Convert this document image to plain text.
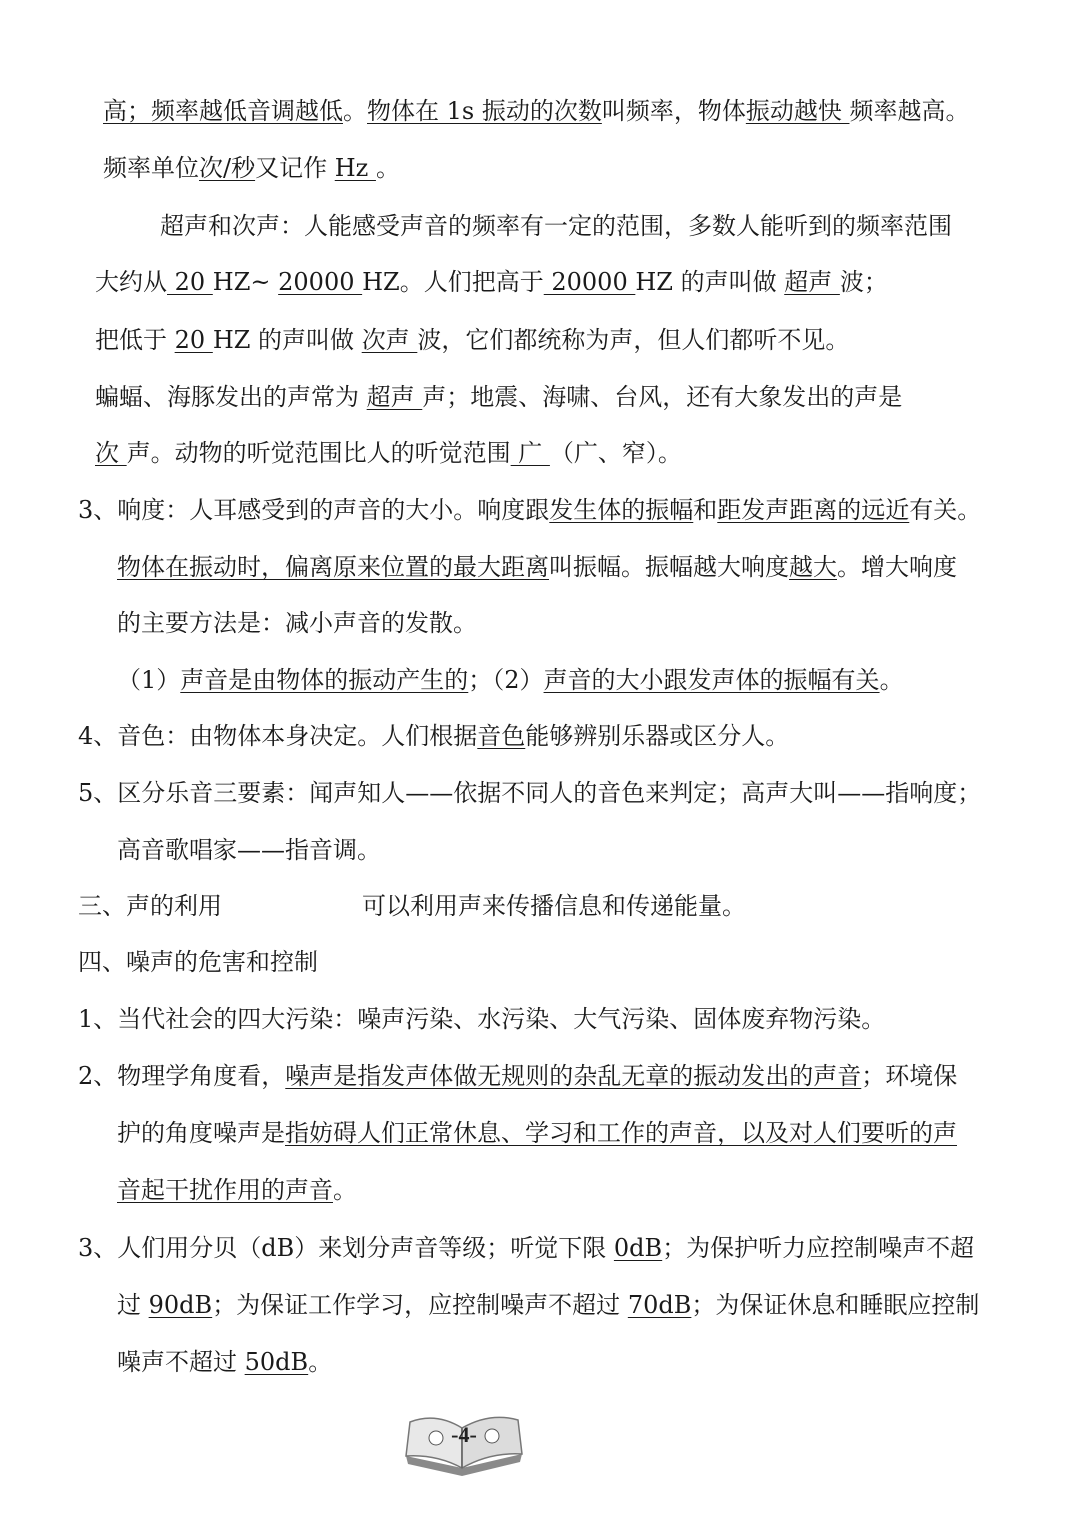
高；频率越低音调越低。物体在 1s 振动的次数叫频率，物体振动越快 频率越高。
频率单位次/秒又记作 Hz 。
超声和次声：人能感受声音的频率有一定的范围，多数人能听到的频率范围
大约从 20 HZ~ 20000 HZ。人们把高于 20000 HZ 的声叫做 超声 波；
把低于 20 HZ 的声叫做 次声 波，它们都统称为声，但人们都听不见。
蝙蝠、海豚发出的声常为 超声 声；地震、海啸、台风，还有大象发出的声是
次 声。动物的听觉范围比人的听觉范围 广 （广、窄）。
3、响度：人耳感受到的声音的大小。响度跟发生体的振幅和距发声距离的远近有关。
物体在振动时，偏离原来位置的最大距离叫振幅。振幅越大响度越大。增大响度
的主要方法是：减小声音的发散。
（1）声音是由物体的振动产生的；（2）声音的大小跟发声体的振幅有关。
4、音色：由物体本身决定。人们根据音色能够辨别乐器或区分人。
5、区分乐音三要素：闻声知人——依据不同人的音色来判定；高声大叫——指响度；
高音歌唱家——指音调。
三、声的利用	可以利用声来传播信息和传递能量。
四、噪声的危害和控制
1、当代社会的四大污染：噪声污染、水污染、大气污染、固体废弃物污染。
2、物理学角度看，噪声是指发声体做无规则的杂乱无章的振动发出的声音；环境保
护的角度噪声是指妨碍人们正常休息、学习和工作的声音，以及对人们要听的声
音起干扰作用的声音。
3、人们用分贝（dB）来划分声音等级；听觉下限 0dB；为保护听力应控制噪声不超
过 90dB；为保证工作学习，应控制噪声不超过 70dB；为保证休息和睡眠应控制
噪声不超过 50dB。
-4-
